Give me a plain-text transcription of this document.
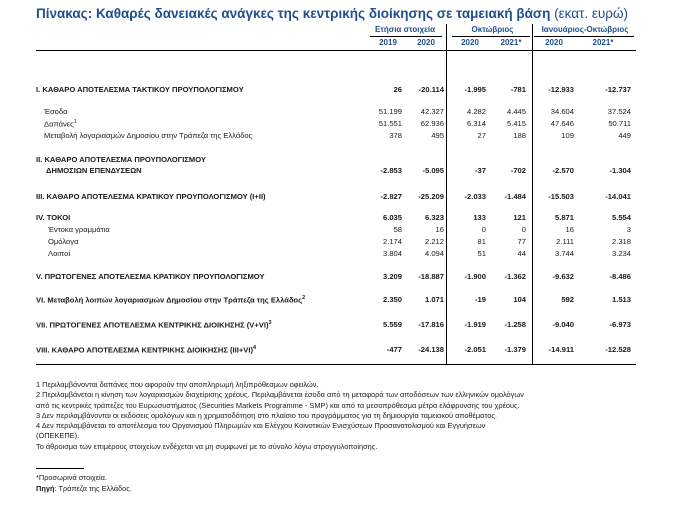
Πίνακας: Καθαρές δανειακές ανάγκες της κεντρικής διοίκησης σε ταμειακή βάση (εκατ. ευρώ)
Ετήσια στοιχεία	Οκτώβριος	Ιανουάριος-Οκτώβριος
2019	2020	2020	2021*	2020	2021*
I. ΚΑΘΑΡΟ ΑΠΟΤΕΛΕΣΜΑ ΤΑΚΤΙΚΟΥ ΠΡΟΥΠΟΛΟΓΙΣΜΟΥ	26	-20.114	-1.995	-781	-12.933	-12.737
Έσοδα	51.199	42.327	4.282	4.445	34.604	37.524
Δαπάνες$^1$	51.551	62.936	6.314	5.415	47.646	50.711
Μεταβολή λογαριασμών Δημοσίου στην Τράπεζα της Ελλάδος	378	495	27	188	109	449
II. ΚΑΘΑΡΟ ΑΠΟΤΕΛΕΣΜΑ ΠΡΟΥΠΟΛΟΓΙΣΜΟΥ
ΔΗΜΟΣΙΩΝ ΕΠΕΝΔΥΣΕΩΝ	-2.853	-5.095	-37	-702	-2.570	-1.304
III. ΚΑΘΑΡΟ ΑΠΟΤΕΛΕΣΜΑ ΚΡΑΤΙΚΟΥ ΠΡΟΥΠΟΛΟΓΙΣΜΟΥ (I+II)	-2.827	-25.209	-2.033	-1.484	-15.503	-14.041
IV. ΤΟΚΟΙ	6.035	6.323	133	121	5.871	5.554
Έντοκα γραμμάτια	58	16	0	0	16	3
Ομόλογα	2.174	2.212	81	77	2.111	2.318
Λοιποί	3.804	4.094	51	44	3.744	3.234
V. ΠΡΩΤΟΓΕΝΕΣ ΑΠΟΤΕΛΕΣΜΑ ΚΡΑΤΙΚΟΥ ΠΡΟΥΠΟΛΟΓΙΣΜΟΥ	3.209	-18.887	-1.900	-1.362	-9.632	-8.486
VI. Μεταβολή λοιπών λογαριασμών Δημοσίου στην Τράπεζα της Ελλάδος$^2$	2.350	1.071	-19	104	592	1.513
VII. ΠΡΩΤΟΓΕΝΕΣ ΑΠΟΤΕΛΕΣΜΑ ΚΕΝΤΡΙΚΗΣ ΔΙΟΙΚΗΣΗΣ $(V+VI)^3$	5.559	-17.816	-1.919	-1.258	-9.040	-6.973
VIII. ΚΑΘΑΡΟ ΑΠΟΤΕΛΕΣΜΑ ΚΕΝΤΡΙΚΗΣ ΔΙΟΙΚΗΣΗΣ $(III+VI)^4$	-477	-24.138	-2.051	-1.379	-14.911	-12.528

1 Περιλαμβάνονται δαπάνες που αφορούν την αποπληρωμή ληξιπρόθεσμων οφειλών.

2 Περιλαμβάνεται η κίνηση των λογαριασμών διαχείρισης χρέους. Περιλαμβάνεται έσοδα από τη μεταφορά των αποδόσεων των ελληνικών ομολόγων

από τις κεντρικές τράπεζες του Ευρωσυστήματος (Securities Markets Programme - SMP) και από τα μεσοπρόθεσμα μέτρα ελάφρυνσης του χρέους.

3 Δεν περιλαμβάνονται οι εκδόσεις ομολόγων και η χρηματοδότηση στο πλαίσιο του προγράμματος για τη δημιουργία ταμειακού αποθέματος.

4 Δεν περιλαμβάνεται το αποτέλεσμα του Οργανισμού Πληρωμών και Ελέγχου Κοινοτικών Ενισχύσεων Προσανατολισμού και Εγγυήσεων

(ΟΠΕΚΕΠΕ).

Το άθροισμα των επιμέρους στοιχείων ενδέχεται να μη συμφωνεί με το σύνολο λόγω στρογγυλοποίησης.

*Προσωρινά στοιχεία.
Πηγή: Τράπεζα της Ελλάδος.
